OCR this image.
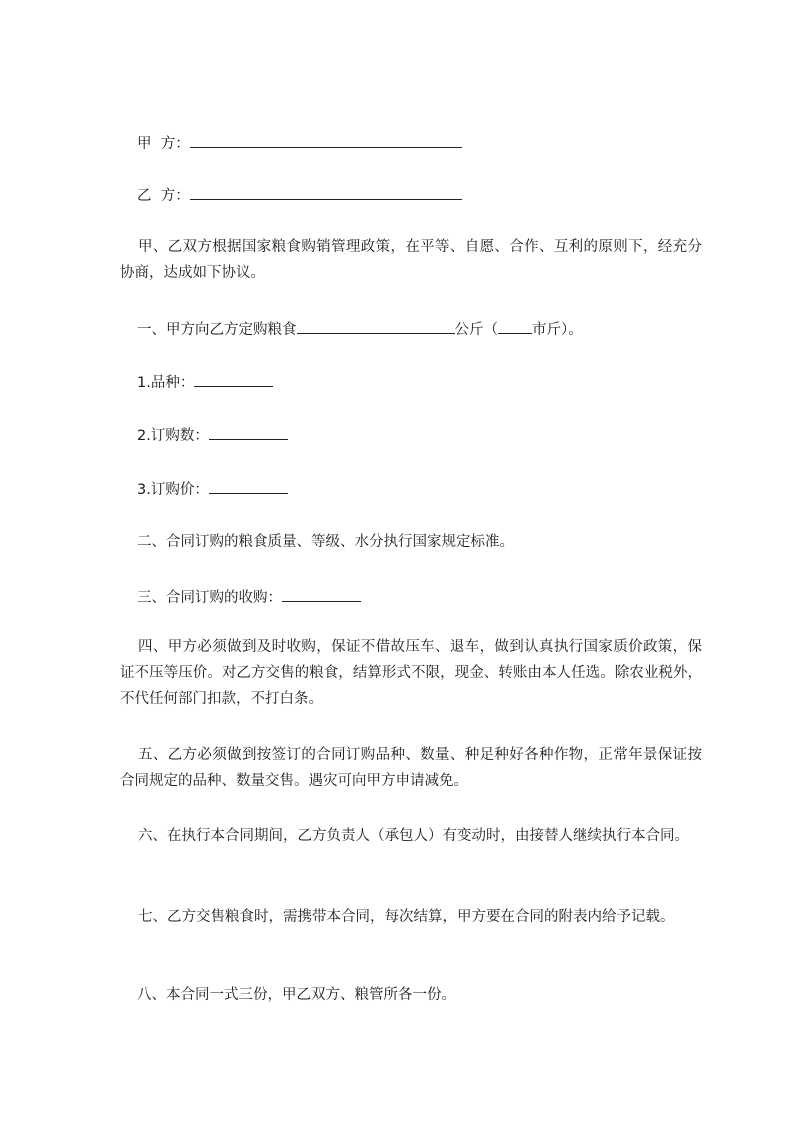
甲  方：

乙  方：

甲、乙双方根据国家粮食购销管理政策，在平等、自愿、合作、互利的原则下，经充分协商，达成如下协议。

一、甲方向乙方定购粮食	公斤（ 市斤）。

1.品种：

2.订购数：

3.订购价：

二、合同订购的粮食质量、等级、水分执行国家规定标准。

三、合同订购的收购：

四、甲方必须做到及时收购，保证不借故压车、退车，做到认真执行国家质价政策，保证不压等压价。对乙方交售的粮食，结算形式不限，现金、转账由本人任选。除农业税外，不代任何部门扣款，不打白条。

五、乙方必须做到按签订的合同订购品种、数量、种足种好各种作物，正常年景保证按合同规定的品种、数量交售。遇灾可向甲方申请减免。

六、在执行本合同期间，乙方负责人（承包人）有变动时，由接替人继续执行本合同。

七、乙方交售粮食时，需携带本合同，每次结算，甲方要在合同的附表内给予记载。

八、本合同一式三份，甲乙双方、粮管所各一份。
